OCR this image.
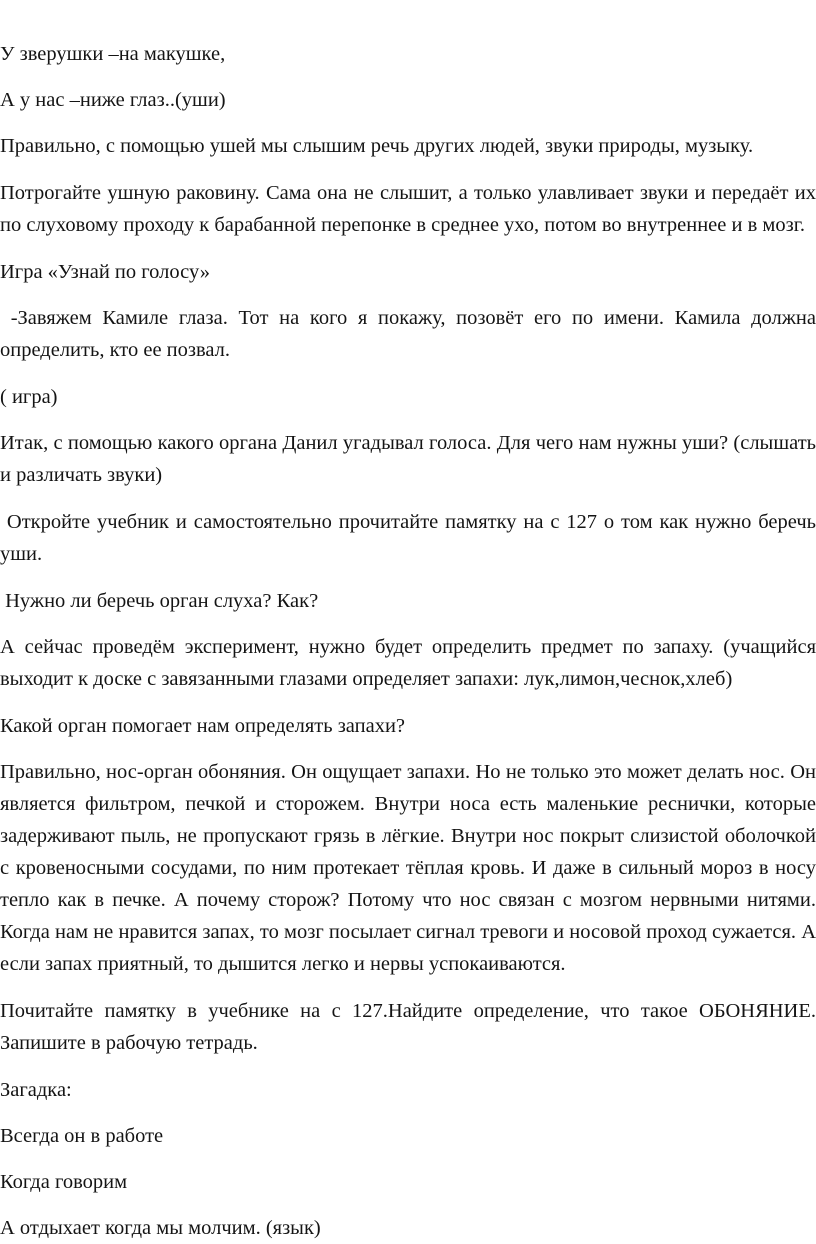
У зверушки –на макушке,

А у нас –ниже глаз..(уши)

Правильно, с помощью ушей мы слышим речь других людей, звуки природы, музыку.

Потрогайте ушную раковину. Сама она не слышит, а только улавливает звуки и передаёт их по слуховому проходу к барабанной перепонке в среднее ухо, потом во внутреннее и в мозг.

Игра «Узнай по голосу»

-Завяжем Камиле глаза. Тот на кого я покажу, позовёт его по имени. Камила должна определить, кто ее позвал.

( игра)

Итак, с помощью какого органа Данил угадывал голоса. Для чего нам нужны уши? (слышать и различать звуки)

Откройте учебник и самостоятельно прочитайте памятку на с 127 о том как нужно беречь уши.

Нужно ли беречь орган слуха? Как?

А сейчас проведём эксперимент, нужно будет определить предмет по запаху. (учащийся выходит к доске с завязанными глазами определяет запахи: лук,лимон,чеснок,хлеб)

Какой орган помогает нам определять запахи?

Правильно, нос-орган обоняния. Он ощущает запахи. Но не только это может делать нос. Он является фильтром, печкой и сторожем. Внутри носа есть маленькие реснички, которые задерживают пыль, не пропускают грязь в лёгкие. Внутри нос покрыт слизистой оболочкой с кровеносными сосудами, по ним протекает тёплая кровь. И даже в сильный мороз в носу тепло как в печке. А почему сторож? Потому что нос связан с мозгом нервными нитями. Когда нам не нравится запах, то мозг посылает сигнал тревоги и носовой проход сужается. А если запах приятный, то дышится легко и нервы успокаиваются.

Почитайте памятку в учебнике на с 127.Найдите определение, что такое ОБОНЯНИЕ. Запишите в рабочую тетрадь.

Загадка:

Всегда он в работе

Когда говорим

А отдыхает когда мы молчим. (язык)
